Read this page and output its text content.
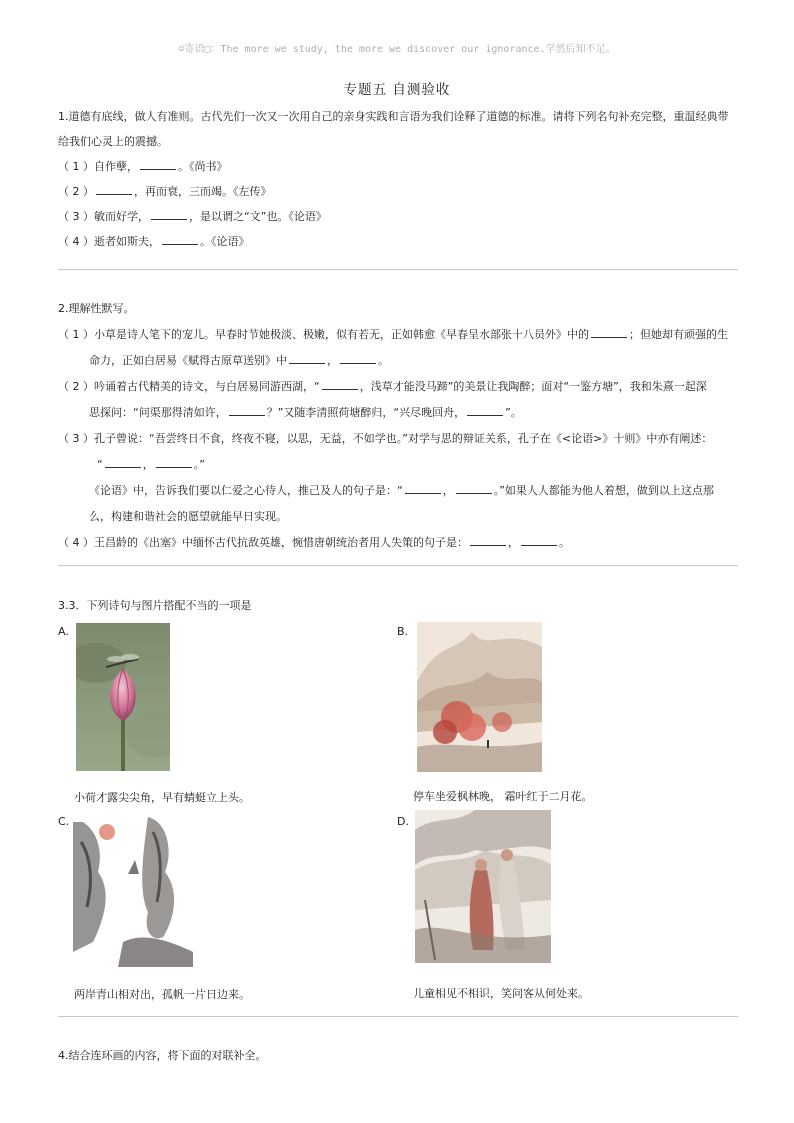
☺寄语□：The more we study, the more we discover our ignorance.学然后知不足。
专题五 自测验收
1.道德有底线，做人有准则。古代先们一次又一次用自己的亲身实践和言语为我们诠释了道德的标准。请将下列名句补充完整，重温经典带
给我们心灵上的震撼。
（ 1 ）自作孽，	。《尚书》
（ 2 ）	，再而衰，三而竭。《左传》
（ 3 ）敏而好学，	，是以谓之“文”也。《论语》
（ 4 ）逝者如斯夫，	。《论语》
2.理解性默写。
（ 1 ）小草是诗人笔下的宠儿。早春时节她极淡、极嫩，似有若无，正如韩愈《早春呈水部张十八员外》中的	；但她却有顽强的生
命力，正如白居易《赋得古原草送别》中	，	。
（ 2 ）吟诵着古代精美的诗文，与白居易同游西湖，“	，浅草才能没马蹄”的美景让我陶醉；面对“一鉴方塘”，我和朱熹一起深
思探问：“问渠那得清如许，	？”又随李清照荷塘醉归，“兴尽晚回舟，	”。
（ 3 ）孔子曾说：“吾尝终日不食，终夜不寝，以思，无益，不如学也。”对学与思的辩证关系，孔子在《<论语>》十则》中亦有阐述：
“	，	。”
《论语》中，告诉我们要以仁爱之心待人，推己及人的句子是：“	，	。”如果人人都能为他人着想，做到以上这点那
么，构建和谐社会的愿望就能早日实现。
（ 4 ）王昌龄的《出塞》中缅怀古代抗敌英雄，惋惜唐朝统治者用人失策的句子是：	，	。
3.3．下列诗句与图片搭配不当的一项是
A.
小荷才露尖尖角，早有蜻蜓立上头。
B.
停车坐爱枫林晚， 霜叶红于二月花。
C.
两岸青山相对出，孤帆一片日边来。
D.
儿童相见不相识，笑问客从何处来。
4.结合连环画的内容，将下面的对联补全。
